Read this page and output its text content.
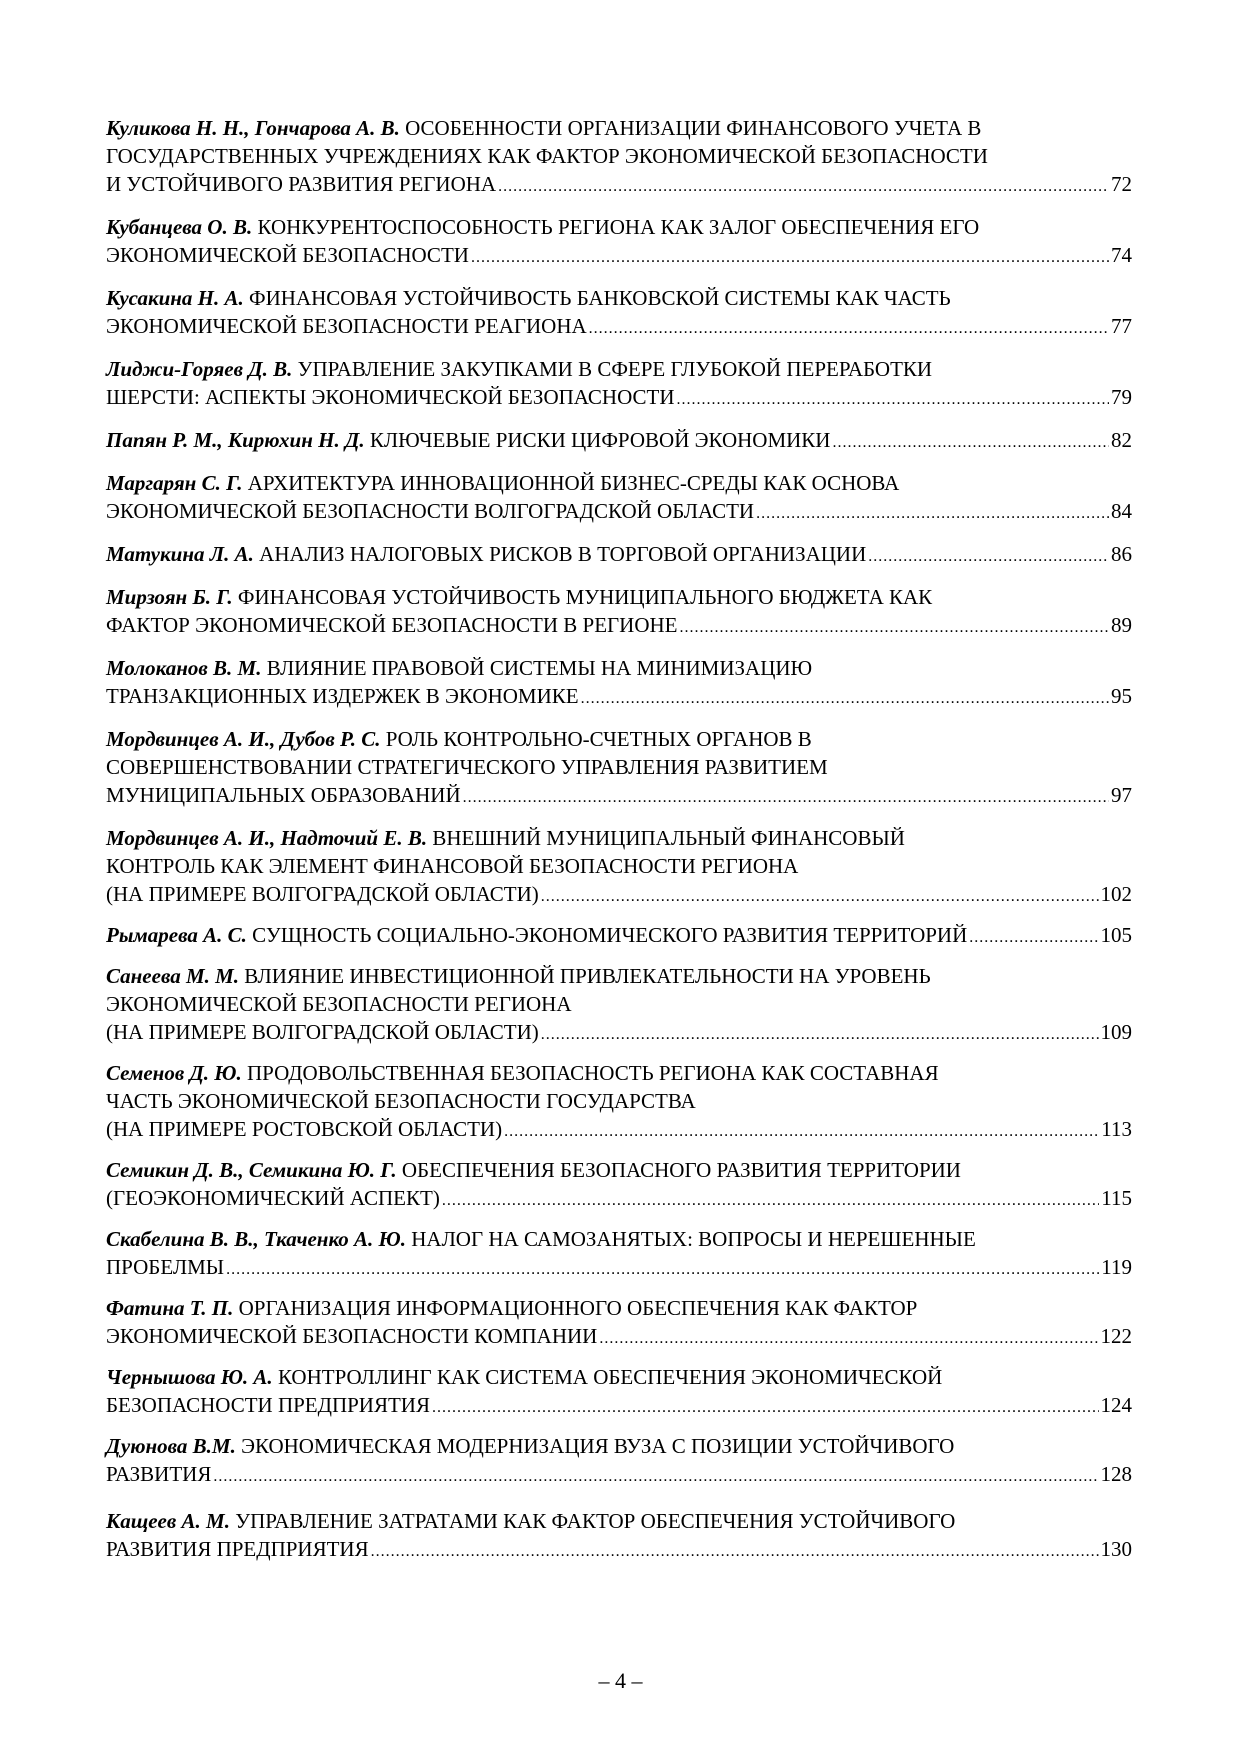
Куликова Н. Н., Гончарова А. В. ОСОБЕННОСТИ ОРГАНИЗАЦИИ ФИНАНСОВОГО УЧЕТА В
ГОСУДАРСТВЕННЫХ УЧРЕЖДЕНИЯХ КАК ФАКТОР ЭКОНОМИЧЕСКОЙ БЕЗОПАСНОСТИ
И УСТОЙЧИВОГО РАЗВИТИЯ РЕГИОНА .....	72
Кубанцева О. В. КОНКУРЕНТОСПОСОБНОСТЬ РЕГИОНА КАК ЗАЛОГ ОБЕСПЕЧЕНИЯ ЕГО
ЭКОНОМИЧЕСКОЙ БЕЗОПАСНОСТИ .....	74
Кусакина Н. А. ФИНАНСОВАЯ УСТОЙЧИВОСТЬ БАНКОВСКОЙ СИСТЕМЫ КАК ЧАСТЬ
ЭКОНОМИЧЕСКОЙ БЕЗОПАСНОСТИ РЕАГИОНА .....	77
Лиджи-Горяев Д. В. УПРАВЛЕНИЕ ЗАКУПКАМИ В СФЕРЕ ГЛУБОКОЙ ПЕРЕРАБОТКИ
ШЕРСТИ: АСПЕКТЫ ЭКОНОМИЧЕСКОЙ БЕЗОПАСНОСТИ .....	79
Папян Р. М., Кирюхин Н. Д. КЛЮЧЕВЫЕ РИСКИ ЦИФРОВОЙ ЭКОНОМИКИ .....	82
Маргарян С. Г. АРХИТЕКТУРА ИННОВАЦИОННОЙ БИЗНЕС-СРЕДЫ КАК ОСНОВА
ЭКОНОМИЧЕСКОЙ БЕЗОПАСНОСТИ ВОЛГОГРАДСКОЙ ОБЛАСТИ .....	84
Матукина Л. А. АНАЛИЗ НАЛОГОВЫХ РИСКОВ В ТОРГОВОЙ ОРГАНИЗАЦИИ .....	86
Мирзоян Б. Г. ФИНАНСОВАЯ УСТОЙЧИВОСТЬ МУНИЦИПАЛЬНОГО БЮДЖЕТА КАК
ФАКТОР ЭКОНОМИЧЕСКОЙ БЕЗОПАСНОСТИ В РЕГИОНЕ .....	89
Молоканов В. М. ВЛИЯНИЕ ПРАВОВОЙ СИСТЕМЫ НА МИНИМИЗАЦИЮ
ТРАНЗАКЦИОННЫХ ИЗДЕРЖЕК В ЭКОНОМИКЕ .....	95
Мордвинцев А. И., Дубов Р. С. РОЛЬ КОНТРОЛЬНО-СЧЕТНЫХ ОРГАНОВ В
СОВЕРШЕНСТВОВАНИИ СТРАТЕГИЧЕСКОГО УПРАВЛЕНИЯ РАЗВИТИЕМ
МУНИЦИПАЛЬНЫХ ОБРАЗОВАНИЙ .....	97
Мордвинцев А. И., Надточий Е. В. ВНЕШНИЙ МУНИЦИПАЛЬНЫЙ ФИНАНСОВЫЙ
КОНТРОЛЬ КАК ЭЛЕМЕНТ ФИНАНСОВОЙ БЕЗОПАСНОСТИ РЕГИОНА
(НА ПРИМЕРЕ ВОЛГОГРАДСКОЙ ОБЛАСТИ) .....	102
Рымарева А. С. СУЩНОСТЬ СОЦИАЛЬНО-ЭКОНОМИЧЕСКОГО РАЗВИТИЯ ТЕРРИТОРИЙ .....	105
Санеева М. М. ВЛИЯНИЕ ИНВЕСТИЦИОННОЙ ПРИВЛЕКАТЕЛЬНОСТИ НА УРОВЕНЬ
ЭКОНОМИЧЕСКОЙ БЕЗОПАСНОСТИ РЕГИОНА
(НА ПРИМЕРЕ ВОЛГОГРАДСКОЙ ОБЛАСТИ) .....	109
Семенов Д. Ю. ПРОДОВОЛЬСТВЕННАЯ БЕЗОПАСНОСТЬ РЕГИОНА КАК СОСТАВНАЯ
ЧАСТЬ ЭКОНОМИЧЕСКОЙ БЕЗОПАСНОСТИ ГОСУДАРСТВА
(НА ПРИМЕРЕ РОСТОВСКОЙ ОБЛАСТИ) .....	113
Семикин Д. В., Семикина Ю. Г. ОБЕСПЕЧЕНИЯ БЕЗОПАСНОГО РАЗВИТИЯ ТЕРРИТОРИИ
(ГЕОЭКОНОМИЧЕСКИЙ АСПЕКТ) .....	115
Скабелина В. В., Ткаченко А. Ю. НАЛОГ НА САМОЗАНЯТЫХ: ВОПРОСЫ И НЕРЕШЕННЫЕ
ПРОБЕЛМЫ .....	119
Фатина Т. П. ОРГАНИЗАЦИЯ ИНФОРМАЦИОННОГО ОБЕСПЕЧЕНИЯ КАК ФАКТОР
ЭКОНОМИЧЕСКОЙ БЕЗОПАСНОСТИ КОМПАНИИ .....	122
Чернышова Ю. А. КОНТРОЛЛИНГ КАК СИСТЕМА ОБЕСПЕЧЕНИЯ ЭКОНОМИЧЕСКОЙ
БЕЗОПАСНОСТИ ПРЕДПРИЯТИЯ .....	124
Дуюнова В.М. ЭКОНОМИЧЕСКАЯ МОДЕРНИЗАЦИЯ ВУЗА С ПОЗИЦИИ УСТОЙЧИВОГО
РАЗВИТИЯ .....	128
Кащеев А. М. УПРАВЛЕНИЕ ЗАТРАТАМИ КАК ФАКТОР ОБЕСПЕЧЕНИЯ УСТОЙЧИВОГО
РАЗВИТИЯ ПРЕДПРИЯТИЯ .....	130
– 4 –
